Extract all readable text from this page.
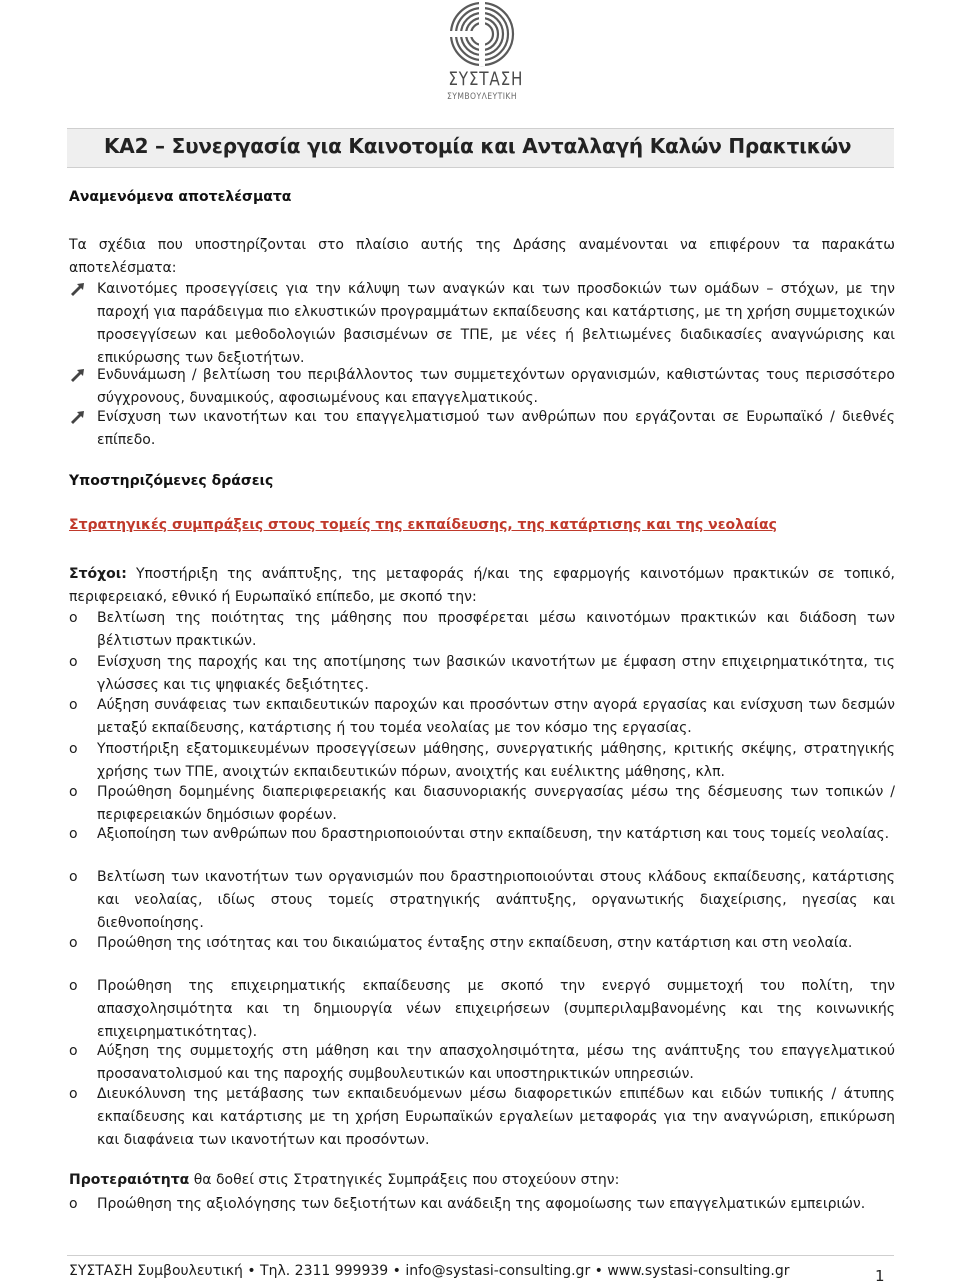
ΣΥΣΤΑΣΗ
ΣΥΜΒΟΥΛΕΥΤΙΚΗ
ΚΑ2 – Συνεργασία για Καινοτομία και Ανταλλαγή Καλών Πρακτικών
Αναμενόμενα αποτελέσματα
Τα σχέδια που υποστηρίζονται στο πλαίσιο αυτής της Δράσης αναμένονται να επιφέρουν τα παρακάτω αποτελέσματα:
Καινοτόμες προσεγγίσεις για την κάλυψη των αναγκών και των προσδοκιών των ομάδων – στόχων, με την παροχή για παράδειγμα πιο ελκυστικών προγραμμάτων εκπαίδευσης και κατάρτισης, με τη χρήση συμμετοχικών προσεγγίσεων και μεθοδολογιών βασισμένων σε ΤΠΕ, με νέες ή βελτιωμένες διαδικασίες αναγνώρισης και επικύρωσης των δεξιοτήτων.
Ενδυνάμωση / βελτίωση του περιβάλλοντος των συμμετεχόντων οργανισμών, καθιστώντας τους περισσότερο σύγχρονους, δυναμικούς, αφοσιωμένους και επαγγελματικούς.
Ενίσχυση των ικανοτήτων και του επαγγελματισμού των ανθρώπων που εργάζονται σε Ευρωπαϊκό / διεθνές επίπεδο.
Υποστηριζόμενες δράσεις
Στρατηγικές συμπράξεις στους τομείς της εκπαίδευσης, της κατάρτισης και της νεολαίας
Στόχοι: Υποστήριξη της ανάπτυξης, της μεταφοράς ή/και της εφαρμογής καινοτόμων πρακτικών σε τοπικό, περιφερειακό, εθνικό ή Ευρωπαϊκό επίπεδο, με σκοπό την:
o Βελτίωση της ποιότητας της μάθησης που προσφέρεται μέσω καινοτόμων πρακτικών και διάδοση των βέλτιστων πρακτικών.
o Ενίσχυση της παροχής και της αποτίμησης των βασικών ικανοτήτων με έμφαση στην επιχειρηματικότητα, τις γλώσσες και τις ψηφιακές δεξιότητες.
o Αύξηση συνάφειας των εκπαιδευτικών παροχών και προσόντων στην αγορά εργασίας και ενίσχυση των δεσμών μεταξύ εκπαίδευσης, κατάρτισης ή του τομέα νεολαίας με τον κόσμο της εργασίας.
o Υποστήριξη εξατομικευμένων προσεγγίσεων μάθησης, συνεργατικής μάθησης, κριτικής σκέψης, στρατηγικής χρήσης των ΤΠΕ, ανοιχτών εκπαιδευτικών πόρων, ανοιχτής και ευέλικτης μάθησης, κλπ.
o Προώθηση δομημένης διαπεριφερειακής και διασυνοριακής συνεργασίας μέσω της δέσμευσης των τοπικών / περιφερειακών δημόσιων φορέων.
o Αξιοποίηση των ανθρώπων που δραστηριοποιούνται στην εκπαίδευση, την κατάρτιση και τους τομείς νεολαίας.
o Βελτίωση των ικανοτήτων των οργανισμών που δραστηριοποιούνται στους κλάδους εκπαίδευσης, κατάρτισης και νεολαίας, ιδίως στους τομείς στρατηγικής ανάπτυξης, οργανωτικής διαχείρισης, ηγεσίας και διεθνοποίησης.
o Προώθηση της ισότητας και του δικαιώματος ένταξης στην εκπαίδευση, στην κατάρτιση και στη νεολαία.
o Προώθηση της επιχειρηματικής εκπαίδευσης με σκοπό την ενεργό συμμετοχή του πολίτη, την απασχολησιμότητα και τη δημιουργία νέων επιχειρήσεων (συμπεριλαμβανομένης και της κοινωνικής επιχειρηματικότητας).
o Αύξηση της συμμετοχής στη μάθηση και την απασχολησιμότητα, μέσω της ανάπτυξης του επαγγελματικού προσανατολισμού και της παροχής συμβουλευτικών και υποστηρικτικών υπηρεσιών.
o Διευκόλυνση της μετάβασης των εκπαιδευόμενων μέσω διαφορετικών επιπέδων και ειδών τυπικής / άτυπης εκπαίδευσης και κατάρτισης με τη χρήση Ευρωπαϊκών εργαλείων μεταφοράς για την αναγνώριση, επικύρωση και διαφάνεια των ικανοτήτων και προσόντων.
Προτεραιότητα θα δοθεί στις Στρατηγικές Συμπράξεις που στοχεύουν στην:
o Προώθηση της αξιολόγησης των δεξιοτήτων και ανάδειξη της αφομοίωσης των επαγγελματικών εμπειριών.
ΣΥΣΤΑΣΗ Συμβουλευτική • Τηλ. 2311 999939 • info@systasi-consulting.gr • www.systasi-consulting.gr	1
